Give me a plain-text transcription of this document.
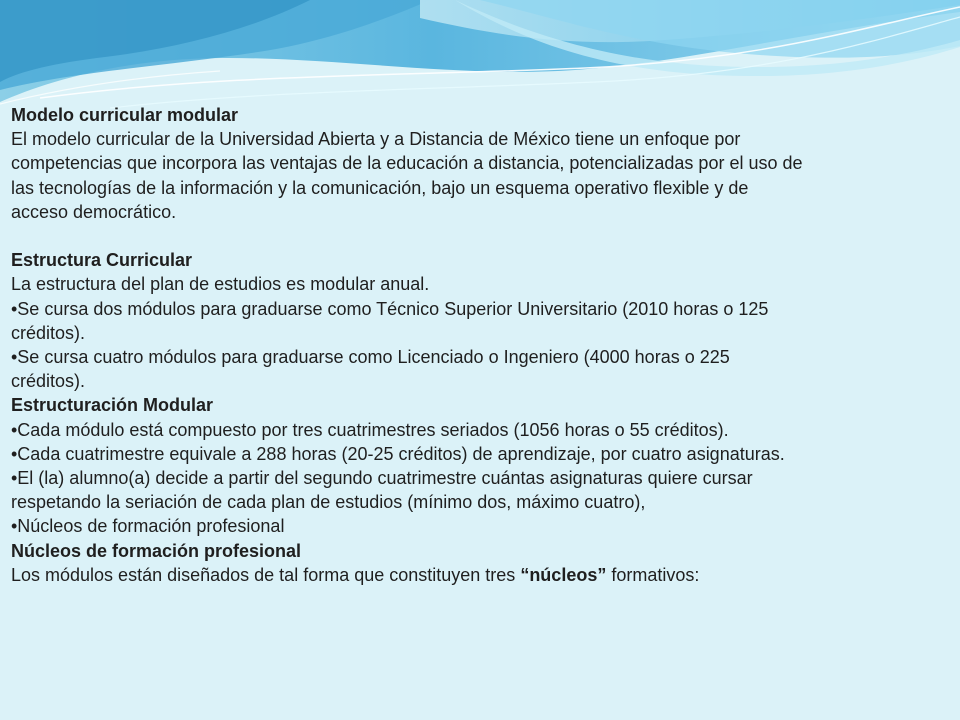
Modelo curricular modular
El modelo curricular de la Universidad Abierta y a Distancia de México tiene un enfoque por
competencias que incorpora las ventajas de la educación a distancia, potencializadas por el uso de
las tecnologías de la información y la comunicación, bajo un esquema operativo flexible y de
acceso democrático.
Estructura Curricular
La estructura del plan de estudios es modular anual.
•Se cursa dos módulos para graduarse como Técnico Superior Universitario (2010 horas o 125
créditos).
•Se cursa cuatro módulos para graduarse como Licenciado o Ingeniero (4000 horas o 225
créditos).
Estructuración Modular
•Cada módulo está compuesto por tres cuatrimestres seriados (1056 horas o 55 créditos).
•Cada cuatrimestre equivale a 288 horas (20-25 créditos) de aprendizaje, por cuatro asignaturas.
•El (la) alumno(a) decide a partir del segundo cuatrimestre cuántas asignaturas quiere cursar
respetando la seriación de cada plan de estudios (mínimo dos, máximo cuatro),
•Núcleos de formación profesional
Núcleos de formación profesional
Los módulos están diseñados de tal forma que constituyen tres “núcleos” formativos:
